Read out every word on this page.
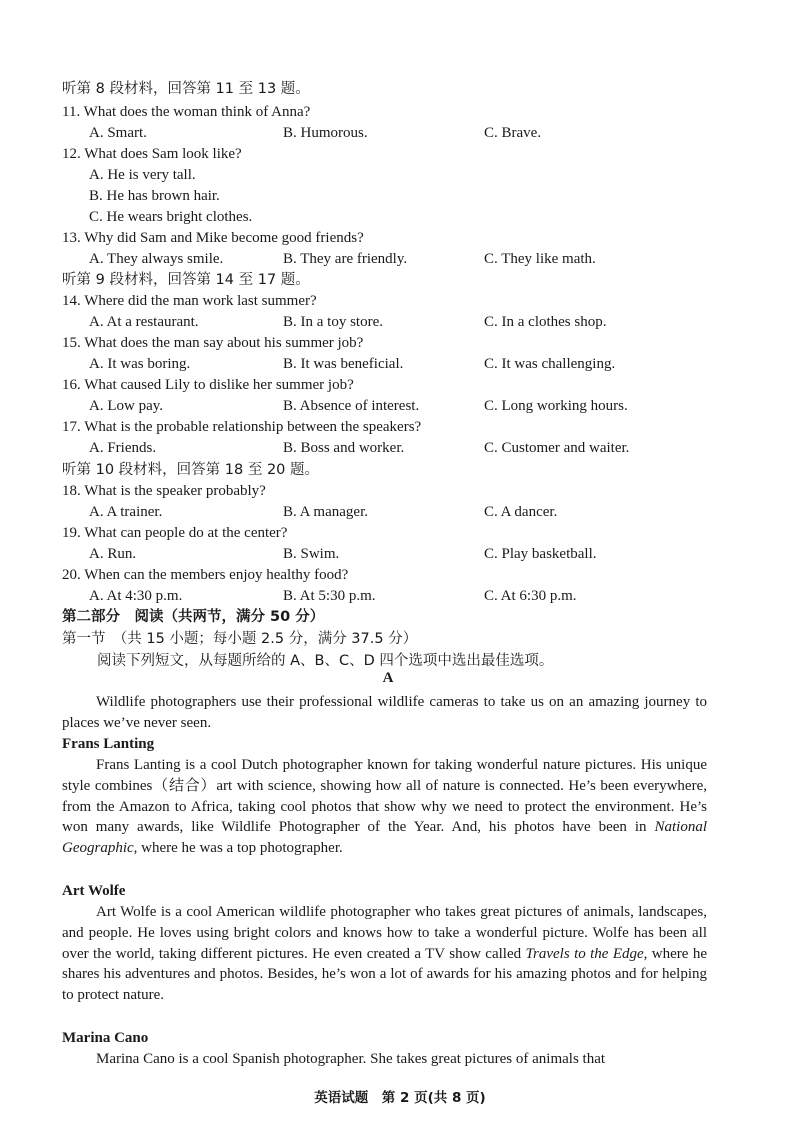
听第 8 段材料，回答第 11 至 13 题。
11. What does the woman think of Anna?
A. Smart.	B. Humorous.	C. Brave.
12. What does Sam look like?
A. He is very tall.
B. He has brown hair.
C. He wears bright clothes.
13. Why did Sam and Mike become good friends?
A. They always smile.	B. They are friendly.	C. They like math.
听第 9 段材料，回答第 14 至 17 题。
14. Where did the man work last summer?
A. At a restaurant.	B. In a toy store.	C. In a clothes shop.
15. What does the man say about his summer job?
A. It was boring.	B. It was beneficial.	C. It was challenging.
16. What caused Lily to dislike her summer job?
A. Low pay.	B. Absence of interest.	C. Long working hours.
17. What is the probable relationship between the speakers?
A. Friends.	B. Boss and worker.	C. Customer and waiter.
听第 10 段材料，回答第 18 至 20 题。
18. What is the speaker probably?
A. A trainer.	B. A manager.	C. A dancer.
19. What can people do at the center?
A. Run.	B. Swim.	C. Play basketball.
20. When can the members enjoy healthy food?
A. At 4:30 p.m.	B. At 5:30 p.m.	C. At 6:30 p.m.
第二部分　阅读（共两节，满分 50 分）
第一节　（共 15 小题；每小题 2.5 分，满分 37.5 分）
阅读下列短文，从每题所给的 A、B、C、D 四个选项中选出最佳选项。
A

Wildlife photographers use their professional wildlife cameras to take us on an amazing journey to places we’ve never seen.

Frans Lanting

Frans Lanting is a cool Dutch photographer known for taking wonderful nature pictures. His unique style combines（结合）art with science, showing how all of nature is connected. He’s been everywhere, from the Amazon to Africa, taking cool photos that show why we need to protect the environment. He’s won many awards, like Wildlife Photographer of the Year. And, his photos have been in National Geographic, where he was a top photographer.

Art Wolfe

Art Wolfe is a cool American wildlife photographer who takes great pictures of animals, landscapes, and people. He loves using bright colors and knows how to take a wonderful picture. Wolfe has been all over the world, taking different pictures. He even created a TV show called Travels to the Edge, where he shares his adventures and photos. Besides, he’s won a lot of awards for his amazing photos and for helping to protect nature.

Marina Cano

Marina Cano is a cool Spanish photographer. She takes great pictures of animals that

英语试题　第 2 页(共 8 页)
